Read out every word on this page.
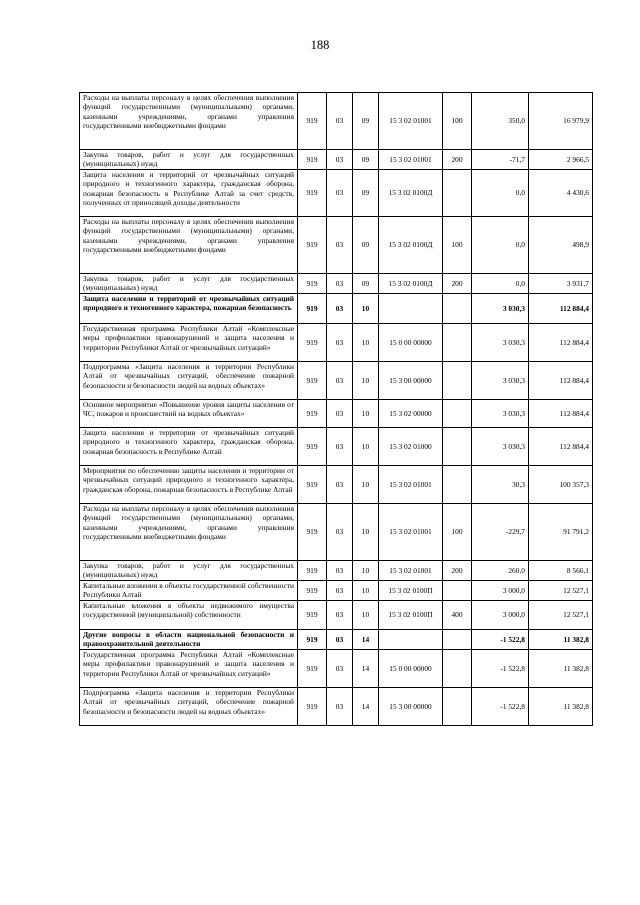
188
Расходы на выплаты персоналу в целях обеспечения выполнения функций государственными (муниципальными) органами, казенными учреждениями, органами управления государственными внебюджетными фондами	919	03	09	15 3 02 01001	100	350,0	16 979,9
Закупка товаров, работ и услуг для государственных (муниципальных) нужд	919	03	09	15 3 02 01001	200	-71,7	2 966,5
Защита населения и территорий от чрезвычайных ситуаций природного и техногенного характера, гражданская оборона, пожарная безопасность в Республике Алтай за счет средств, полученных от приносящей доходы деятельности	919	03	09	15 3 02 0100Д		0,0	4 430,6
Расходы на выплаты персоналу в целях обеспечения выполнения функций государственными (муниципальными) органами, казенными учреждениями, органами управления государственными внебюджетными фондами	919	03	09	15 3 02 0100Д	100	0,0	498,9
Закупка товаров, работ и услуг для государственных (муниципальных) нужд	919	03	09	15 3 02 0100Д	200	0,0	3 931,7
Защита населения и территорий от чрезвычайных ситуаций природного и техногенного характера, пожарная безопасность	919	03	10			3 030,3	112 884,4
Государственная программа Республики Алтай «Комплексные меры профилактики правонарушений и защита населения и территории Республики Алтай от чрезвычайных ситуаций»	919	03	10	15 0 00 00000		3 030,3	112 884,4
Подпрограмма «Защита населения и территории Республики Алтай от чрезвычайных ситуаций, обеспечение пожарной безопасности и безопасности людей на водных объектах»	919	03	10	15 3 00 00000		3 030,3	112 884,4
Основное мероприятие «Повышение уровня защиты населения от ЧС, пожаров и происшествий на водных объектах»	919	03	10	15 3 02 00000		3 030,3	112 884,4
Защита населения и территории от чрезвычайных ситуаций природного и техногенного характера, гражданская оборона, пожарная безопасность в Республике Алтай	919	03	10	15 3 02 01000		3 030,3	112 884,4
Мероприятия по обеспечению защиты населения и территории от чрезвычайных ситуаций природного и техногенного характера, гражданская оборона, пожарная безопасность в Республике Алтай	919	03	10	15 3 02 01001		30,3	100 357,3
Расходы на выплаты персоналу в целях обеспечения выполнения функций государственными (муниципальными) органами, казенными учреждениями, органами управления государственными внебюджетными фондами	919	03	10	15 3 02 01001	100	-229,7	91 791,2
Закупка товаров, работ и услуг для государственных (муниципальных) нужд	919	03	10	15 3 02 01001	200	260,0	8 566,1
Капитальные вложения в объекты государственной собственности Республики Алтай	919	03	10	15 3 02 0100П		3 000,0	12 527,1
Капитальные вложения в объекты недвижимого имущества государственной (муниципальной) собственности	919	03	10	15 3 02 0100П	400	3 000,0	12 527,1
Другие вопросы в области национальной безопасности и правоохранительной деятельности	919	03	14			-1 522,8	11 382,8
Государственная программа Республики Алтай «Комплексные меры профилактики правонарушений и защита населения и территории Республики Алтай от чрезвычайных ситуаций»	919	03	14	15 0 00 00000		-1 522,8	11 382,8
Подпрограмма «Защита населения и территории Республики Алтай от чрезвычайных ситуаций, обеспечение пожарной безопасности и безопасности людей на водных объектах»	919	03	14	15 3 00 00000		-1 522,8	11 382,8
